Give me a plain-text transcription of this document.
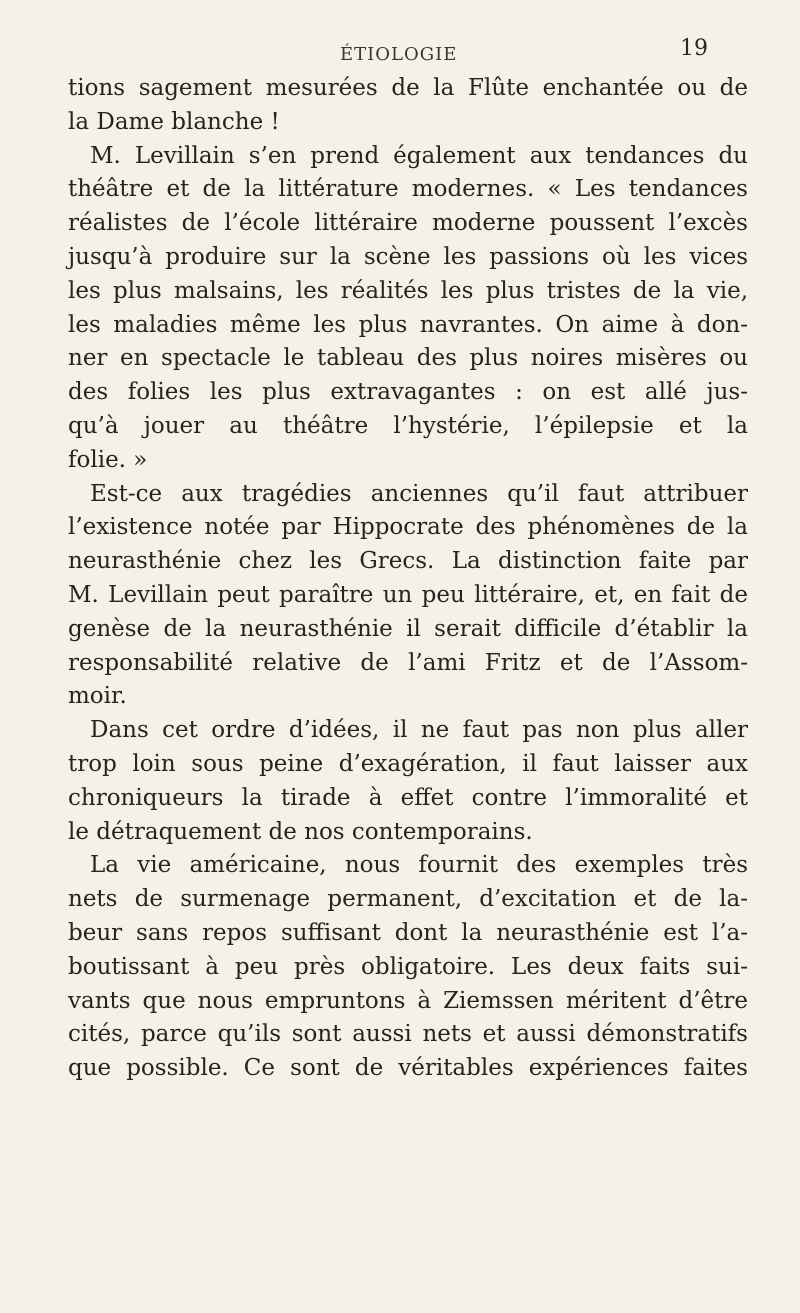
ÉTIOLOGIE	19
tions sagement mesurées de la Flûte enchantée ou de
la Dame blanche !
M. Levillain s’en prend également aux tendances du
théâtre et de la littérature modernes. « Les tendances
réalistes de l’école littéraire moderne poussent l’excès
jusqu’à produire sur la scène les passions où les vices
les plus malsains, les réalités les plus tristes de la vie,
les maladies même les plus navrantes. On aime à don-
ner en spectacle le tableau des plus noires misères ou
des folies les plus extravagantes : on est allé jus-
qu’à jouer au théâtre l’hystérie, l’épilepsie et la
folie. »
Est-ce aux tragédies anciennes qu’il faut attribuer
l’existence notée par Hippocrate des phénomènes de la
neurasthénie chez les Grecs. La distinction faite par
M. Levillain peut paraître un peu littéraire, et, en fait de
genèse de la neurasthénie il serait difficile d’établir la
responsabilité relative de l’ami Fritz et de l’Assom-
moir.
Dans cet ordre d’idées, il ne faut pas non plus aller
trop loin sous peine d’exagération, il faut laisser aux
chroniqueurs la tirade à effet contre l’immoralité et
le détraquement de nos contemporains.
La vie américaine, nous fournit des exemples très
nets de surmenage permanent, d’excitation et de la-
beur sans repos suffisant dont la neurasthénie est l’a-
boutissant à peu près obligatoire. Les deux faits sui-
vants que nous empruntons à Ziemssen méritent d’être
cités, parce qu’ils sont aussi nets et aussi démonstratifs
que possible. Ce sont de véritables expériences faites
